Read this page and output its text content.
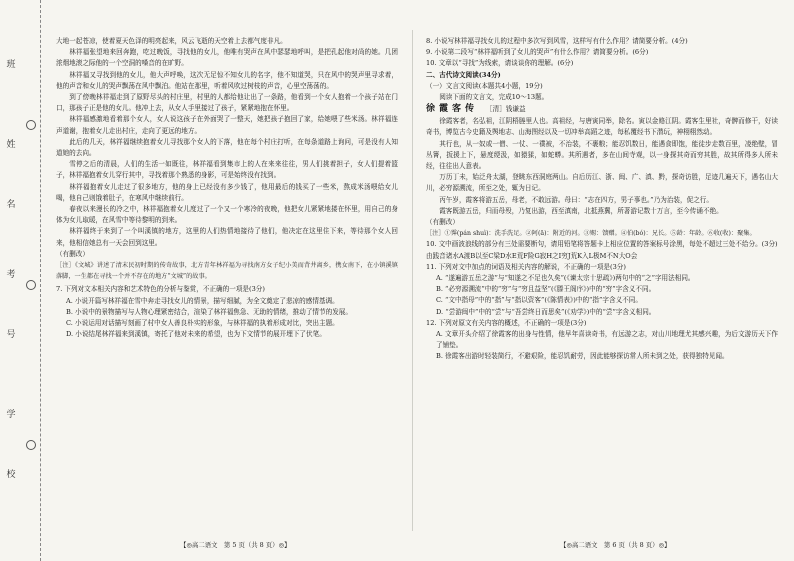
班
姓
名
考
号
学
校

大地一起苍凉，使着夏天色泽的明亮起来，风云飞逝的天空着上去都气度非凡。

林祥福张望地来回奔跑，吃过晚饭，寻找他的女儿，他唯有哭声在风中瑟瑟地呼叫，是把孔起他对尚的她。几团浓烟地滚之际他的一个空洞的嗓音的在旷野。

林祥福又寻找到他的女儿，他大声呼唤，这次无足惊不知女儿的名字，他不知道哭，只在风中的哭声里寻求着，他的声音和女儿的哭声飘荡在风中飘泊。他站在那里，听着风吹过树枝的声音，心里空荡荡的。

到了傍晚林祥福走到了原野尽头的村庄里，村里的人都给他让出了一条路，他看到一个女人抱着一个孩子站在门口，那孩子正是他的女儿。他冲上去，从女人手里接过了孩子，紧紧地抱在怀里。

林祥福感激地看着那个女人，女人说这孩子在外面哭了一整天，她把孩子抱回了家，给她喂了些米汤。林祥福连声道谢，抱着女儿走出村庄，走向了更远的地方。

此后的几天，林祥福继续抱着女儿寻找那个女人的下落，他在每个村庄打听，在每条道路上询问，可是没有人知道她的去向。

雪停之后的清晨，人们的生活一如既往，林祥福看到集市上的人在来来往往，男人们挑着担子，女人们提着篮子，林祥福抱着女儿穿行其中，寻找着那个熟悉的身影，可是始终没有找到。

林祥福抱着女儿走过了很多地方，他的身上已经没有多少钱了，他用最后的钱买了一些米，熬成米汤喂给女儿喝，他自己则饿着肚子，在寒风中继续前行。

春夜以来漫长的冷之中，林祥福抱着女儿度过了一个又一个寒冷的夜晚，他把女儿紧紧地搂在怀里，用自己的身体为女儿取暖，在风雪中等待黎明的到来。

林祥福终于来到了一个叫溪镇的地方，这里的人们热情地接待了他们，他决定在这里住下来，等待那个女人回来，他相信她总有一天会回到这里。

（有删改）

［注］《文城》讲述了清末民初时期的传奇故事，北方青年林祥福为寻找南方女子纪小美而背井离乡，携女南下，在小镇溪镇落脚，一生都在寻找一个并不存在的地方“文城”的故事。

7. 下列对文本相关内容和艺术特色的分析与鉴赏，不正确的一项是(3分)

A. 小说开篇写林祥福在雪中奔走寻找女儿的情景，描写细腻，为全文奠定了悲凉的感情基调。

B. 小说中的景物描写与人物心理紧密结合，渲染了林祥福焦急、无助的情绪，推动了情节的发展。

C. 小说运用对话描写刻画了村中女人善良朴实的形象，与林祥福的执着形成对比，突出主题。

D. 小说结尾林祥福来到溪镇，寄托了他对未来的希望，也为下文情节的展开埋下了伏笔。

8. 小说写林祥福寻找女儿的过程中多次写到风雪，这样写有什么作用？请简要分析。(4分)

9. 小说第二段写“林祥福听到了女儿的哭声”有什么作用？请简要分析。(6分)

10. 文章以“寻找”为线索，请谈谈你的理解。(6分)

二、古代诗文阅读(34分)

（一）文言文阅读(本题共4小题，19分)

阅读下面的文言文，完成10～13题。

徐霞客传 ［清］钱谦益

徐霞客者，名弘祖，江阴梧塍里人也。高祖经，与唐寅同举，除名。寅以金赂江阴。霞客生里社，奇髀而修干，好读奇书，博览古今史籍及舆地志、山海图经以及一切冲举高蹈之迹，每私覆经书下潜玩，神栩栩然动。

其行也，从一奴或一僧、一仗、一襆被，不治装，不裹粮；能忍饥数日，能遇食即饱，能徒步走数百里，凌绝壁，冒丛箐，扳援上下，悬度绠汲，如猿猱，如蛇蟒。其所遇者，多在山间寺观，以一身探其奇而穷其胜，故其所得多人所未经，往往出人意表。

万历丁未，始泛舟太湖，登眺东西洞庭两山。自后历江、浙、闽、广、滇、黔，探奇访胜，足迹几遍天下，遇名山大川，必穷源溯流，所至之处，辄为日记。

丙午岁，霞客将游五岳，母老，不敢远游。母曰：“志在四方，男子事也。”乃为治装，促之行。

霞客既游五岳，归而母殁，乃复出游，西至滇南，北抵燕冀，所著游记数十万言，至今传诵不绝。

（有删改）

［注］①霁(pán shuì)：洗手洗足。②阿(ā)：附近的河。③赐：馈赠。④伯(bó)：兄长。⑤龄：年龄。⑥收(收)：聚集。

10. 文中画波浪线的部分有三处需要断句，请用铅笔将答题卡上相应位置的答案标号涂黑，每处不超过三处不给分。(3分)

由践音诸水A渡B以至C梁D水E荒F险G寂H之I穷J荒K入L极M不N大O会

11. 下列对文中加点的词语及相关内容的解说，不正确的一项是(3分)

A. “遂遍游五岳之游”与“知遂之不足也久矣”(《谏太宗十思疏》)两句中的“之”字用法相同。

B. “必穷源溯流”中的“穷”与“穷且益坚”(《滕王阁序》)中的“穷”字含义不同。

C. “文中指母”中的“指”与“指以资客”(《陈情表》)中的“指”字含义不同。

D. “尝游闽中”中的“尝”与“吾尝终日而思矣”(《劝学》)中的“尝”字含义相同。

12. 下列对原文有关内容的概述，不正确的一项是(3分)

A. 文章开头介绍了徐霞客的出身与性情，他早年喜读奇书，有远游之志，对山川地理尤其感兴趣，为后文游历天下作了铺垫。

B. 徐霞客出游时轻装简行，不避艰险，能忍饥耐劳，因此能够探访常人所未到之处，获得独特见闻。

【◎高二语文　第 5 页（共 8 页）◎】	【◎高二语文　第 6 页（共 8 页）◎】
